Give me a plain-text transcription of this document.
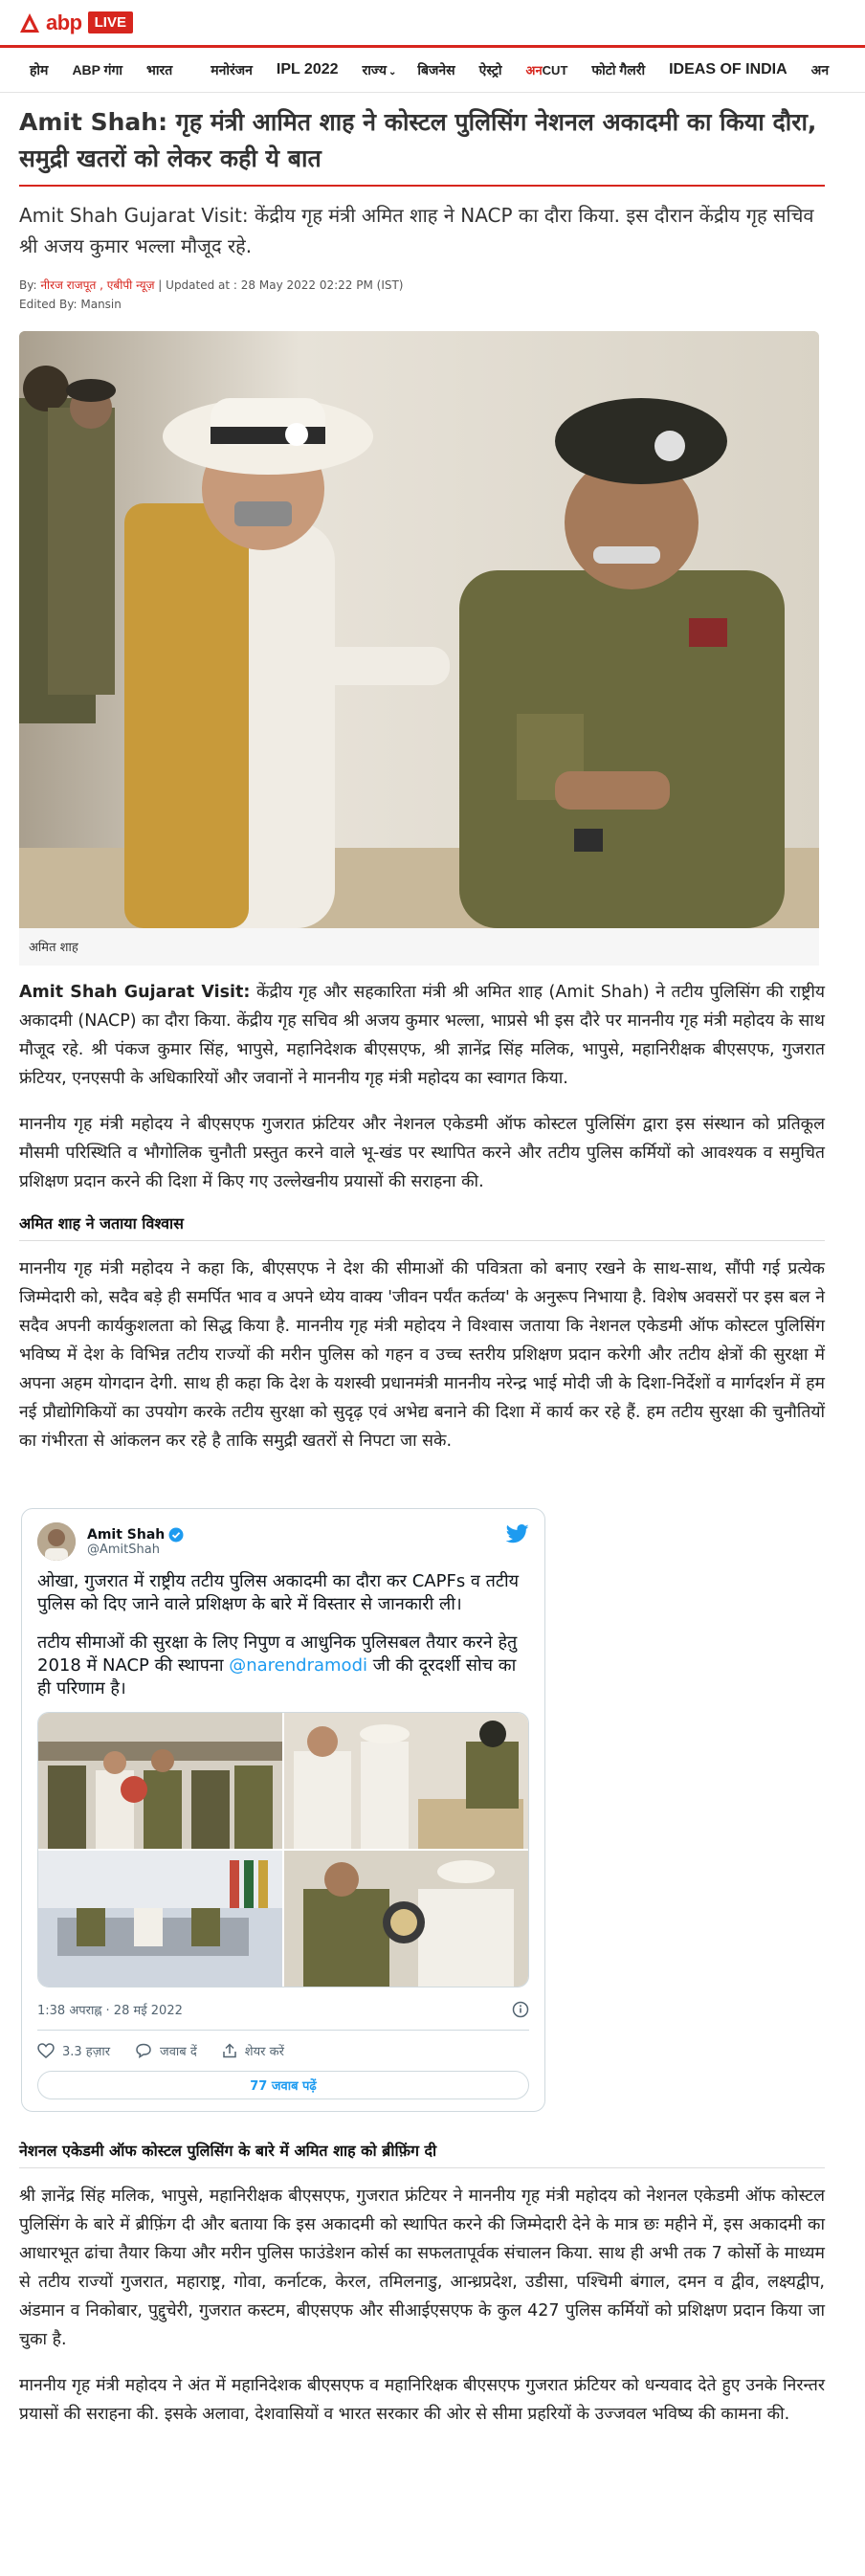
abp LIVE
होम ABP गंगा भारत	मनोरंजन IPL 2022 राज्य ⌄ बिजनेस ऐस्ट्रो अनCUT फोटो गैलरी IDEAS OF INDIA अन
Amit Shah: गृह मंत्री आमित शाह ने कोस्टल पुलिसिंग नेशनल अकादमी का किया दौरा, समुद्री खतरों को लेकर कही ये बात
Amit Shah Gujarat Visit: केंद्रीय गृह मंत्री अमित शाह ने NACP का दौरा किया. इस दौरान केंद्रीय गृह सचिव श्री अजय कुमार भल्ला मौजूद रहे.
By: नीरज राजपूत , एबीपी न्यूज़ | Updated at : 28 May 2022 02:22 PM (IST)
Edited By: Mansin
अमित शाह

Amit Shah Gujarat Visit: केंद्रीय गृह और सहकारिता मंत्री श्री अमित शाह (Amit Shah) ने तटीय पुलिसिंग की राष्ट्रीय अकादमी (NACP) का दौरा किया. केंद्रीय गृह सचिव श्री अजय कुमार भल्ला, भाप्रसे भी इस दौरे पर माननीय गृह मंत्री महोदय के साथ मौजूद रहे. श्री पंकज कुमार सिंह, भापुसे, महानिदेशक बीएसएफ, श्री ज्ञानेंद्र सिंह मलिक, भापुसे, महानिरीक्षक बीएसएफ, गुजरात फ्रंटियर, एनएसपी के अधिकारियों और जवानों ने माननीय गृह मंत्री महोदय का स्वागत किया.

माननीय गृह मंत्री महोदय ने बीएसएफ गुजरात फ्रंटियर और नेशनल एकेडमी ऑफ कोस्टल पुलिसिंग द्वारा इस संस्थान को प्रतिकूल मौसमी परिस्थिति व भौगोलिक चुनौती प्रस्तुत करने वाले भू-खंड पर स्थापित करने और तटीय पुलिस कर्मियों को आवश्यक व समुचित प्रशिक्षण प्रदान करने की दिशा में किए गए उल्लेखनीय प्रयासों की सराहना की.

अमित शाह ने जताया विश्वास

माननीय गृह मंत्री महोदय ने कहा कि, बीएसएफ ने देश की सीमाओं की पवित्रता को बनाए रखने के साथ-साथ, सौंपी गई प्रत्येक जिम्मेदारी को, सदैव बड़े ही समर्पित भाव व अपने ध्येय वाक्य 'जीवन पर्यंत कर्तव्य' के अनुरूप निभाया है. विशेष अवसरों पर इस बल ने सदैव अपनी कार्यकुशलता को सिद्ध किया है. माननीय गृह मंत्री महोदय ने विश्वास जताया कि नेशनल एकेडमी ऑफ कोस्टल पुलिसिंग भविष्य में देश के विभिन्न तटीय राज्यों की मरीन पुलिस को गहन व उच्च स्तरीय प्रशिक्षण प्रदान करेगी और तटीय क्षेत्रों की सुरक्षा में अपना अहम योगदान देगी. साथ ही कहा कि देश के यशस्वी प्रधानमंत्री माननीय नरेन्द्र भाई मोदी जी के दिशा-निर्देशों व मार्गदर्शन में हम नई प्रौद्योगिकियों का उपयोग करके तटीय सुरक्षा को सुदृढ़ एवं अभेद्य बनाने की दिशा में कार्य कर रहे हैं. हम तटीय सुरक्षा की चुनौतियों का गंभीरता से आंकलन कर रहे है ताकि समुद्री खतरों से निपटा जा सके.

Amit Shah
@AmitShah
ओखा, गुजरात में राष्ट्रीय तटीय पुलिस अकादमी का दौरा कर CAPFs व तटीय पुलिस को दिए जाने वाले प्रशिक्षण के बारे में विस्तार से जानकारी ली।
तटीय सीमाओं की सुरक्षा के लिए निपुण व आधुनिक पुलिसबल तैयार करने हेतु 2018 में NACP की स्थापना @narendramodi जी की दूरदर्शी सोच का ही परिणाम है।
1:38 अपराह्न · 28 मई 2022
3.3 हज़ार	जवाब दें	शेयर करें
77 जवाब पढ़ें
नेशनल एकेडमी ऑफ कोस्टल पुलिसिंग के बारे में अमित शाह को ब्रीफ़िंग दी

श्री ज्ञानेंद्र सिंह मलिक, भापुसे, महानिरीक्षक बीएसएफ, गुजरात फ्रंटियर ने माननीय गृह मंत्री महोदय को नेशनल एकेडमी ऑफ कोस्टल पुलिसिंग के बारे में ब्रीफ़िंग दी और बताया कि इस अकादमी को स्थापित करने की जिम्मेदारी देने के मात्र छः महीने में, इस अकादमी का आधारभूत ढांचा तैयार किया और मरीन पुलिस फाउंडेशन कोर्स का सफलतापूर्वक संचालन किया. साथ ही अभी तक 7 कोर्सो के माध्यम से तटीय राज्यों गुजरात, महाराष्ट्र, गोवा, कर्नाटक, केरल, तमिलनाडु, आन्ध्रप्रदेश, उडीसा, पश्चिमी बंगाल, दमन व द्वीव, लक्ष्यद्वीप, अंडमान व निकोबार, पुद्दुचेरी, गुजरात कस्टम, बीएसएफ और सीआईएसएफ के कुल 427 पुलिस कर्मियों को प्रशिक्षण प्रदान किया जा चुका है.

माननीय गृह मंत्री महोदय ने अंत में महानिदेशक बीएसएफ व महानिरिक्षक बीएसएफ गुजरात फ्रंटियर को धन्यवाद देते हुए उनके निरन्तर प्रयासों की सराहना की. इसके अलावा, देशवासियों व भारत सरकार की ओर से सीमा प्रहरियों के उज्जवल भविष्य की कामना की.
